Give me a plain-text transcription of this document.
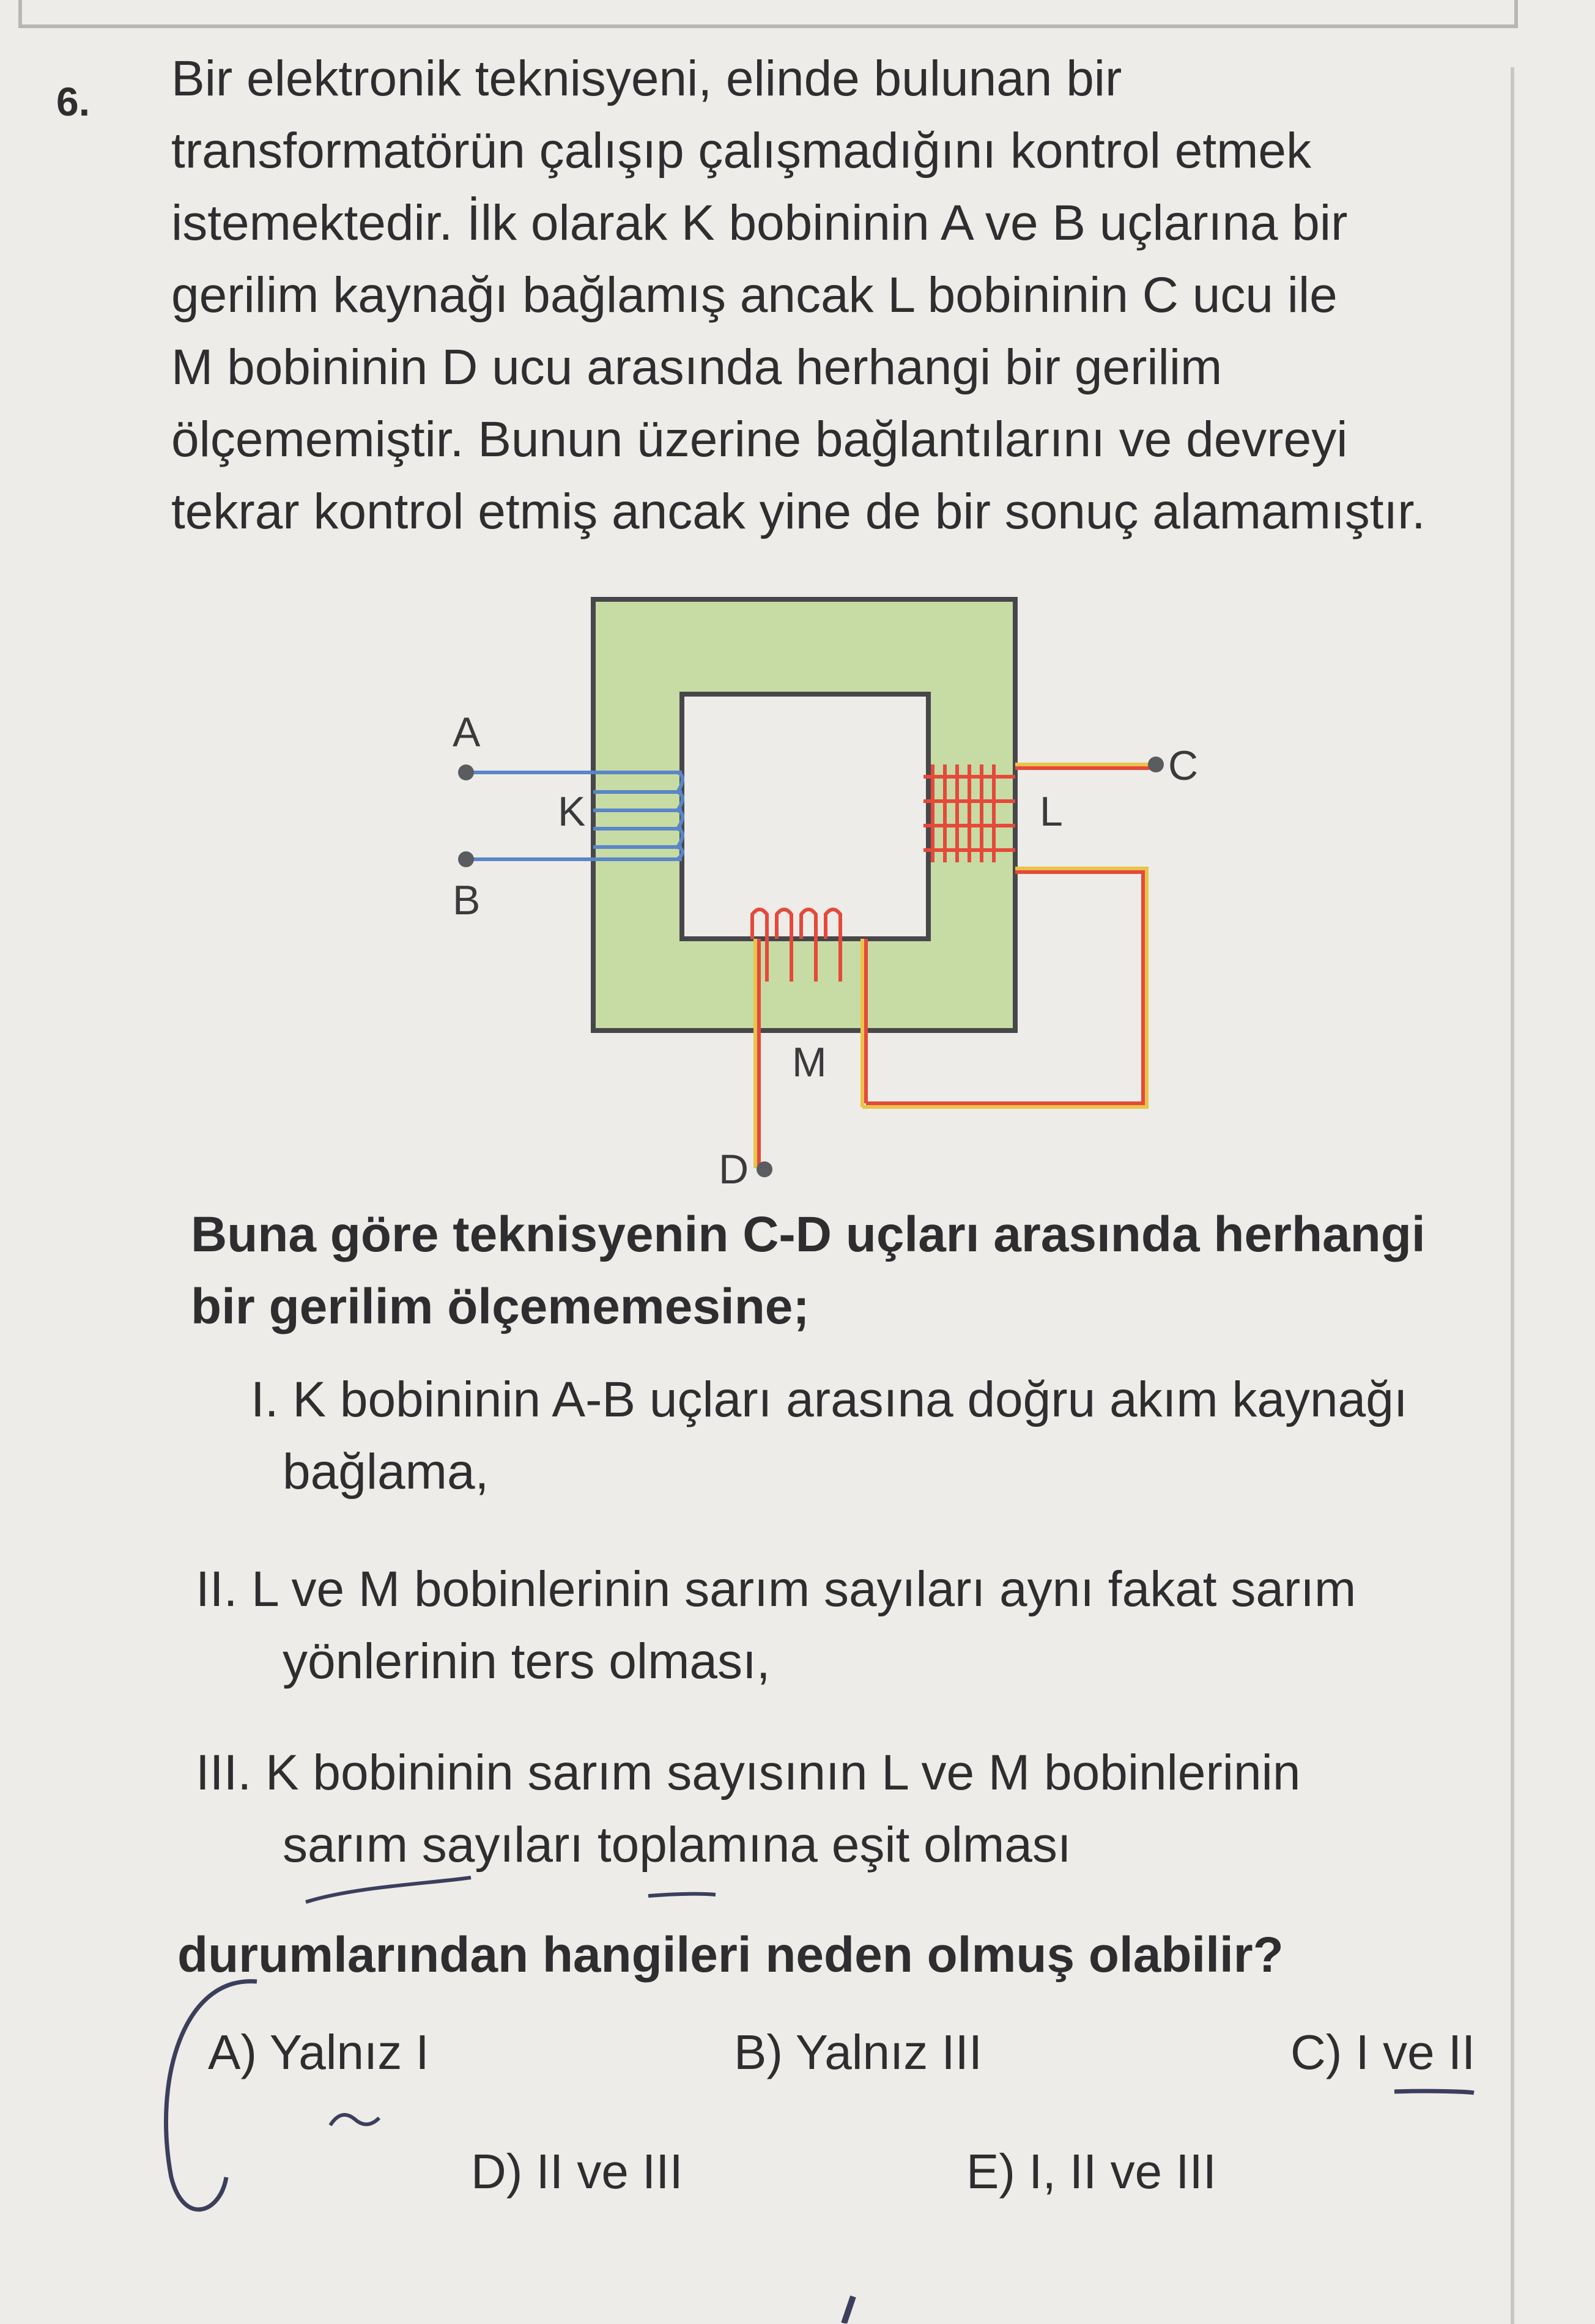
6. Bir elektronik teknisyeni, elinde bulunan bir
transformatörün çalışıp çalışmadığını kontrol etmek
istemektedir. İlk olarak K bobininin A ve B uçlarına bir
gerilim kaynağı bağlamış ancak L bobininin C ucu ile
M bobininin D ucu arasında herhangi bir gerilim
ölçememiştir. Bunun üzerine bağlantılarını ve devreyi
tekrar kontrol etmiş ancak yine de bir sonuç alamamıştır.
A
B
C
D
K	L
M
Buna göre teknisyenin C-D uçları arasında herhangi
bir gerilim ölçememesine;
I. K bobininin A-B uçları arasına doğru akım kaynağı
bağlama,
II. L ve M bobinlerinin sarım sayıları aynı fakat sarım
yönlerinin ters olması,
III. K bobininin sarım sayısının L ve M bobinlerinin
sarım sayıları toplamına eşit olması
durumlarından hangileri neden olmuş olabilir?
A) Yalnız I	B) Yalnız III	C) I ve II
D) II ve III	E) I, II ve III
